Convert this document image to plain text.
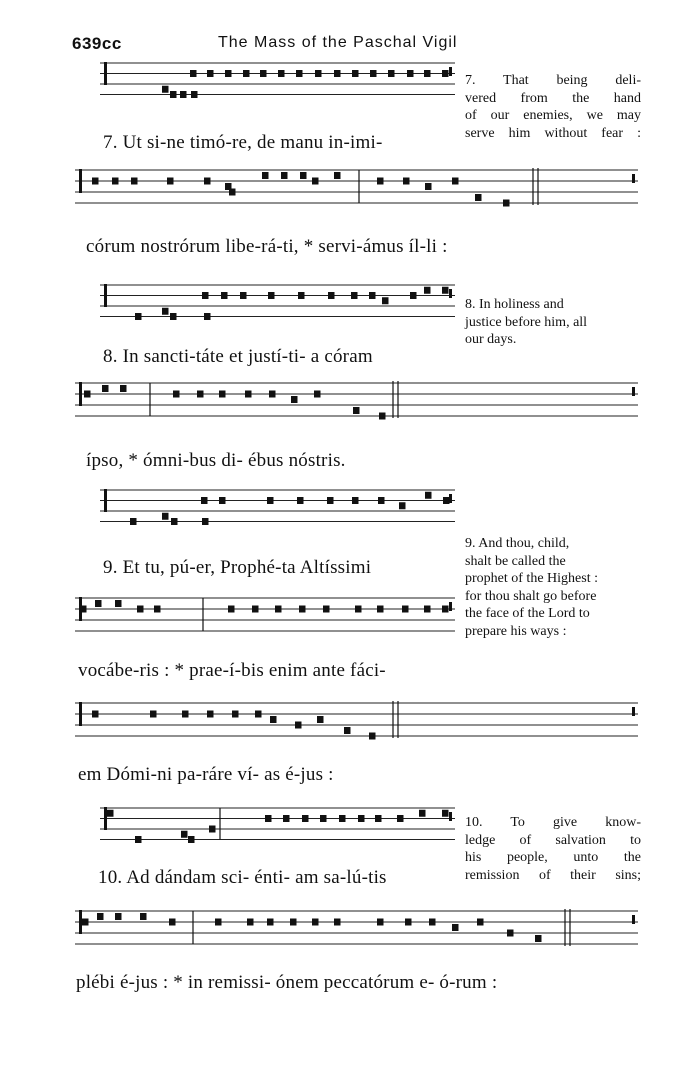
639cc	The Mass of the Paschal Vigil
7. Ut si-ne timó-re, de manu in-imi-
córum nostrórum libe-rá-ti, * servi-ámus íl-li :
7. That being deli-
vered from the hand
of our enemies, we may
serve him without fear :
8. In sancti-táte et justí-ti- a córam
ípso, * ómni-bus di- ébus nóstris.
8. In holiness and
justice before him, all
our days.
9. Et tu, pú-er, Prophé-ta Altíssimi
vocábe-ris : * prae-í-bis enim ante fáci-
em Dómi-ni pa-ráre ví- as é-jus :
9. And thou, child,
shalt be called the
prophet of the Highest :
for thou shalt go before
the face of the Lord to
prepare his ways :
10. Ad dándam sci- énti- am sa-lú-tis
plébi é-jus : * in remissi- ónem peccatórum e- ó-rum :
10. To give know-
ledge of salvation to
his people, unto the
remission of their sins;
